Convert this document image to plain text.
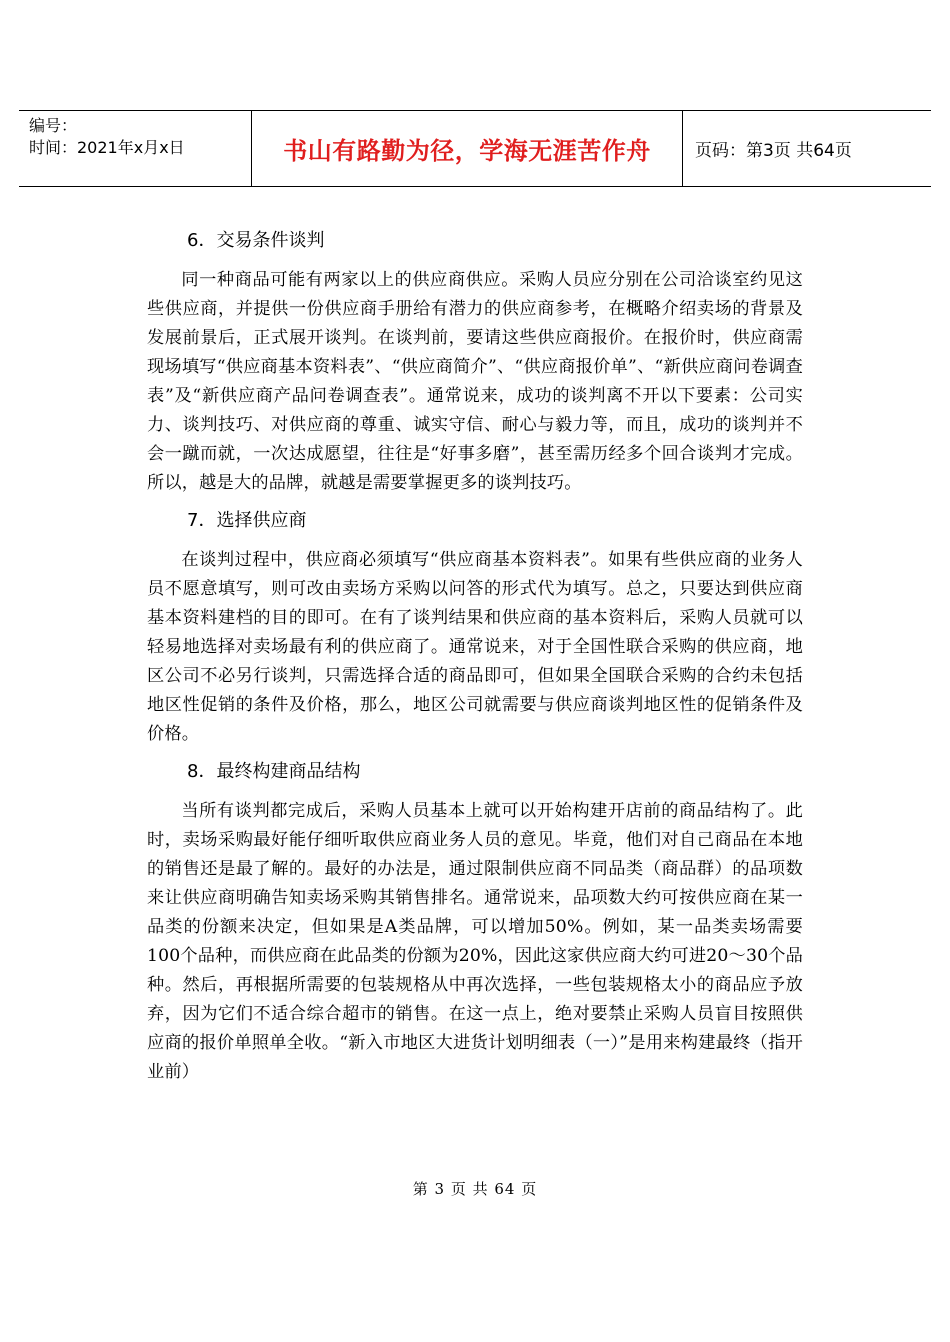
编号：
时间：2021年x月x日	书山有路勤为径，学海无涯苦作舟	页码：第3页 共64页
6．交易条件谈判

同一种商品可能有两家以上的供应商供应。采购人员应分别在公司洽谈室约见这些供应商，并提供一份供应商手册给有潜力的供应商参考，在概略介绍卖场的背景及发展前景后，正式展开谈判。在谈判前，要请这些供应商报价。在报价时，供应商需现场填写“供应商基本资料表”、“供应商简介”、“供应商报价单”、“新供应商问卷调查表”及“新供应商产品问卷调查表”。通常说来，成功的谈判离不开以下要素：公司实力、谈判技巧、对供应商的尊重、诚实守信、耐心与毅力等，而且，成功的谈判并不会一蹴而就，一次达成愿望，往往是“好事多磨”，甚至需历经多个回合谈判才完成。所以，越是大的品牌，就越是需要掌握更多的谈判技巧。

7．选择供应商

在谈判过程中，供应商必须填写“供应商基本资料表”。如果有些供应商的业务人员不愿意填写，则可改由卖场方采购以问答的形式代为填写。总之，只要达到供应商基本资料建档的目的即可。在有了谈判结果和供应商的基本资料后，采购人员就可以轻易地选择对卖场最有利的供应商了。通常说来，对于全国性联合采购的供应商，地区公司不必另行谈判，只需选择合适的商品即可，但如果全国联合采购的合约未包括地区性促销的条件及价格，那么，地区公司就需要与供应商谈判地区性的促销条件及价格。

8．最终构建商品结构

当所有谈判都完成后，采购人员基本上就可以开始构建开店前的商品结构了。此时，卖场采购最好能仔细听取供应商业务人员的意见。毕竟，他们对自己商品在本地的销售还是最了解的。最好的办法是，通过限制供应商不同品类（商品群）的品项数来让供应商明确告知卖场采购其销售排名。通常说来，品项数大约可按供应商在某一品类的份额来决定，但如果是A类品牌，可以增加50%。例如，某一品类卖场需要100个品种，而供应商在此品类的份额为20%，因此这家供应商大约可进20～30个品种。然后，再根据所需要的包装规格从中再次选择，一些包装规格太小的商品应予放弃，因为它们不适合综合超市的销售。在这一点上，绝对要禁止采购人员盲目按照供应商的报价单照单全收。“新入市地区大进货计划明细表（一）”是用来构建最终（指开业前）

第 3 页 共 64 页
